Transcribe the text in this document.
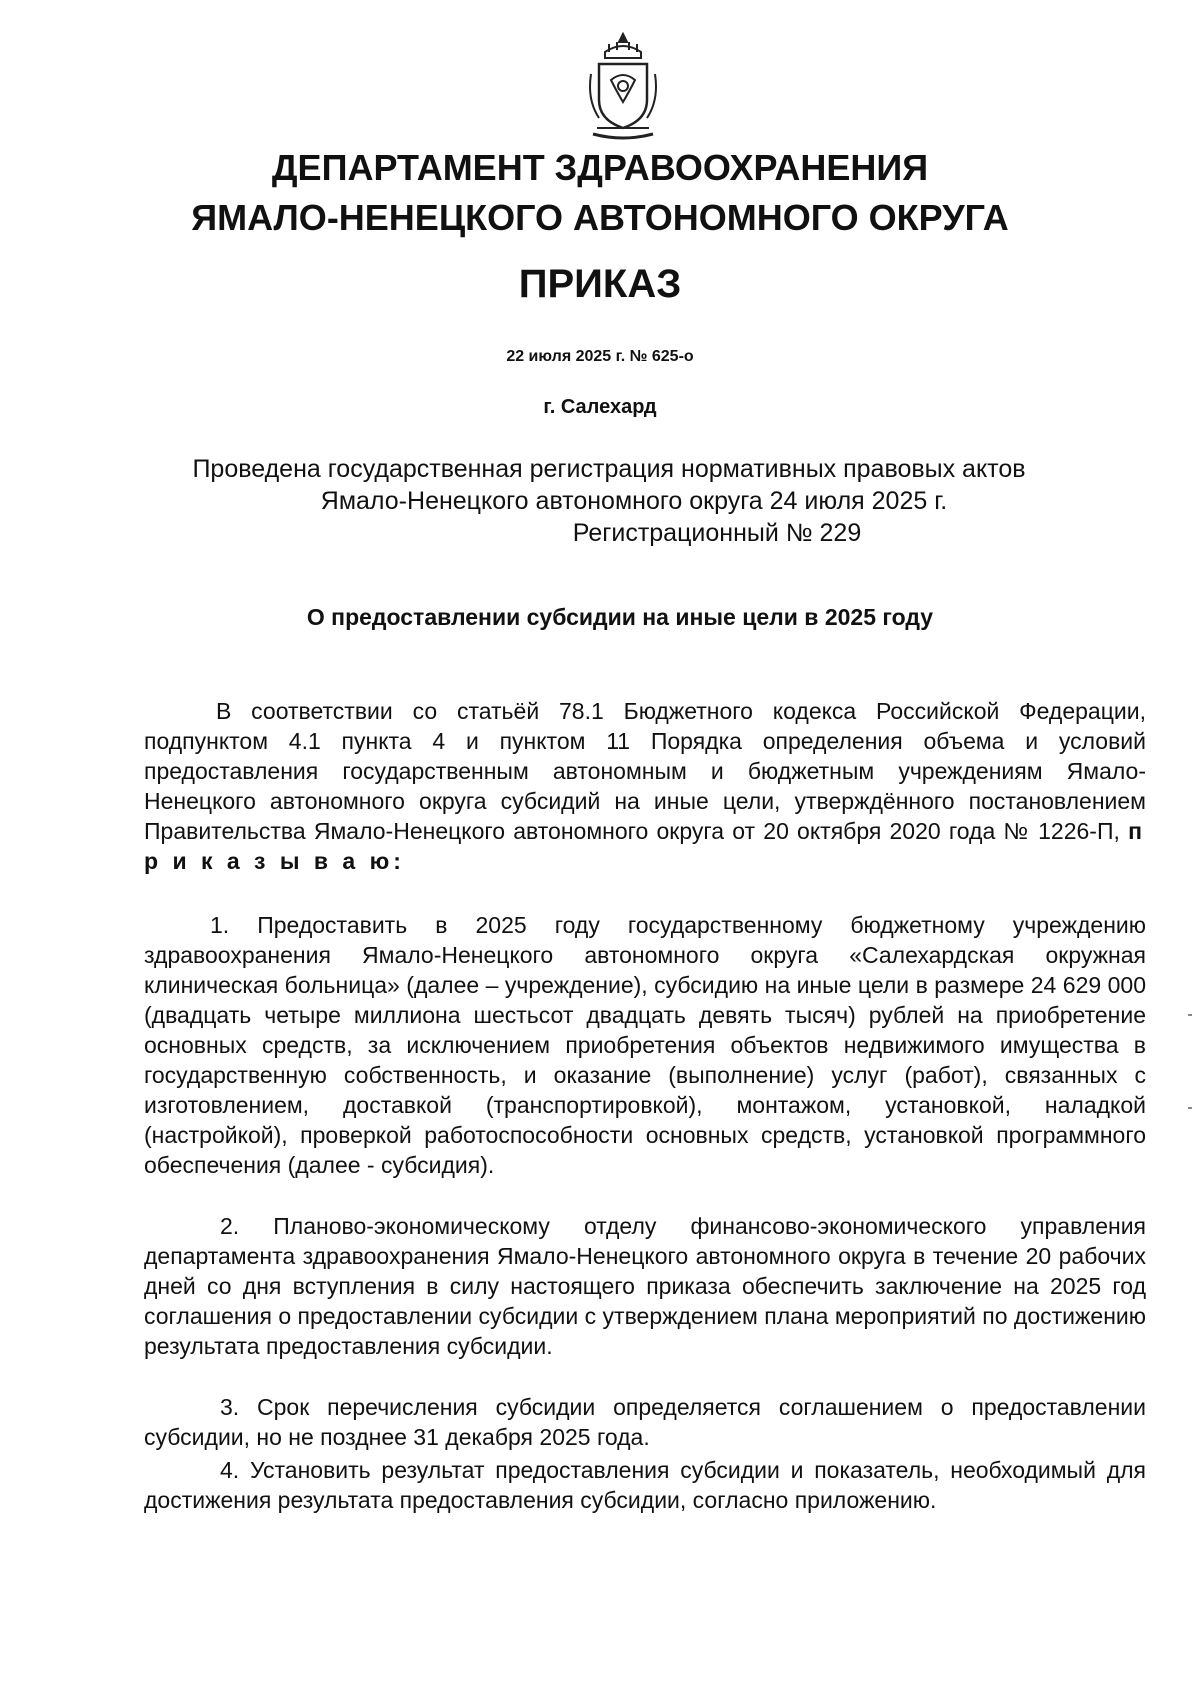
ДЕПАРТАМЕНТ ЗДРАВООХРАНЕНИЯ
ЯМАЛО-НЕНЕЦКОГО АВТОНОМНОГО ОКРУГА
ПРИКАЗ
22 июля 2025 г. № 625-о
г. Салехард
Проведена государственная регистрация нормативных правовых актов
Ямало-Ненецкого автономного округа 24 июля 2025 г.
Регистрационный № 229
О предоставлении субсидии на иные цели в 2025 году

В соответствии со статьёй 78.1 Бюджетного кодекса Российской Федерации, подпунктом 4.1 пункта 4 и пунктом 11 Порядка определения объема и условий предоставления государственным автономным и бюджетным учреждениям Ямало-Ненецкого автономного округа субсидий на иные цели, утверждённого постановлением Правительства Ямало-Ненецкого автономного округа от 20 октября 2020 года № 1226-П, п р и к а з ы в а ю:

1. Предоставить в 2025 году государственному бюджетному учреждению здравоохранения Ямало-Ненецкого автономного округа «Салехардская окружная клиническая больница» (далее – учреждение), субсидию на иные цели в размере 24 629 000 (двадцать четыре миллиона шестьсот двадцать девять тысяч) рублей на приобретение основных средств, за исключением приобретения объектов недвижимого имущества в государственную собственность, и оказание (выполнение) услуг (работ), связанных с изготовлением, доставкой (транспортировкой), монтажом, установкой, наладкой (настройкой), проверкой работоспособности основных средств, установкой программного обеспечения (далее - субсидия).

2. Планово-экономическому отделу финансово-экономического управления департамента здравоохранения Ямало-Ненецкого автономного округа в течение 20 рабочих дней со дня вступления в силу настоящего приказа обеспечить заключение на 2025 год соглашения о предоставлении субсидии с утверждением плана мероприятий по достижению результата предоставления субсидии.

3. Срок перечисления субсидии определяется соглашением о предоставлении субсидии, но не позднее 31 декабря 2025 года.

4. Установить результат предоставления субсидии и показатель, необходимый для достижения результата предоставления субсидии, согласно приложению.
